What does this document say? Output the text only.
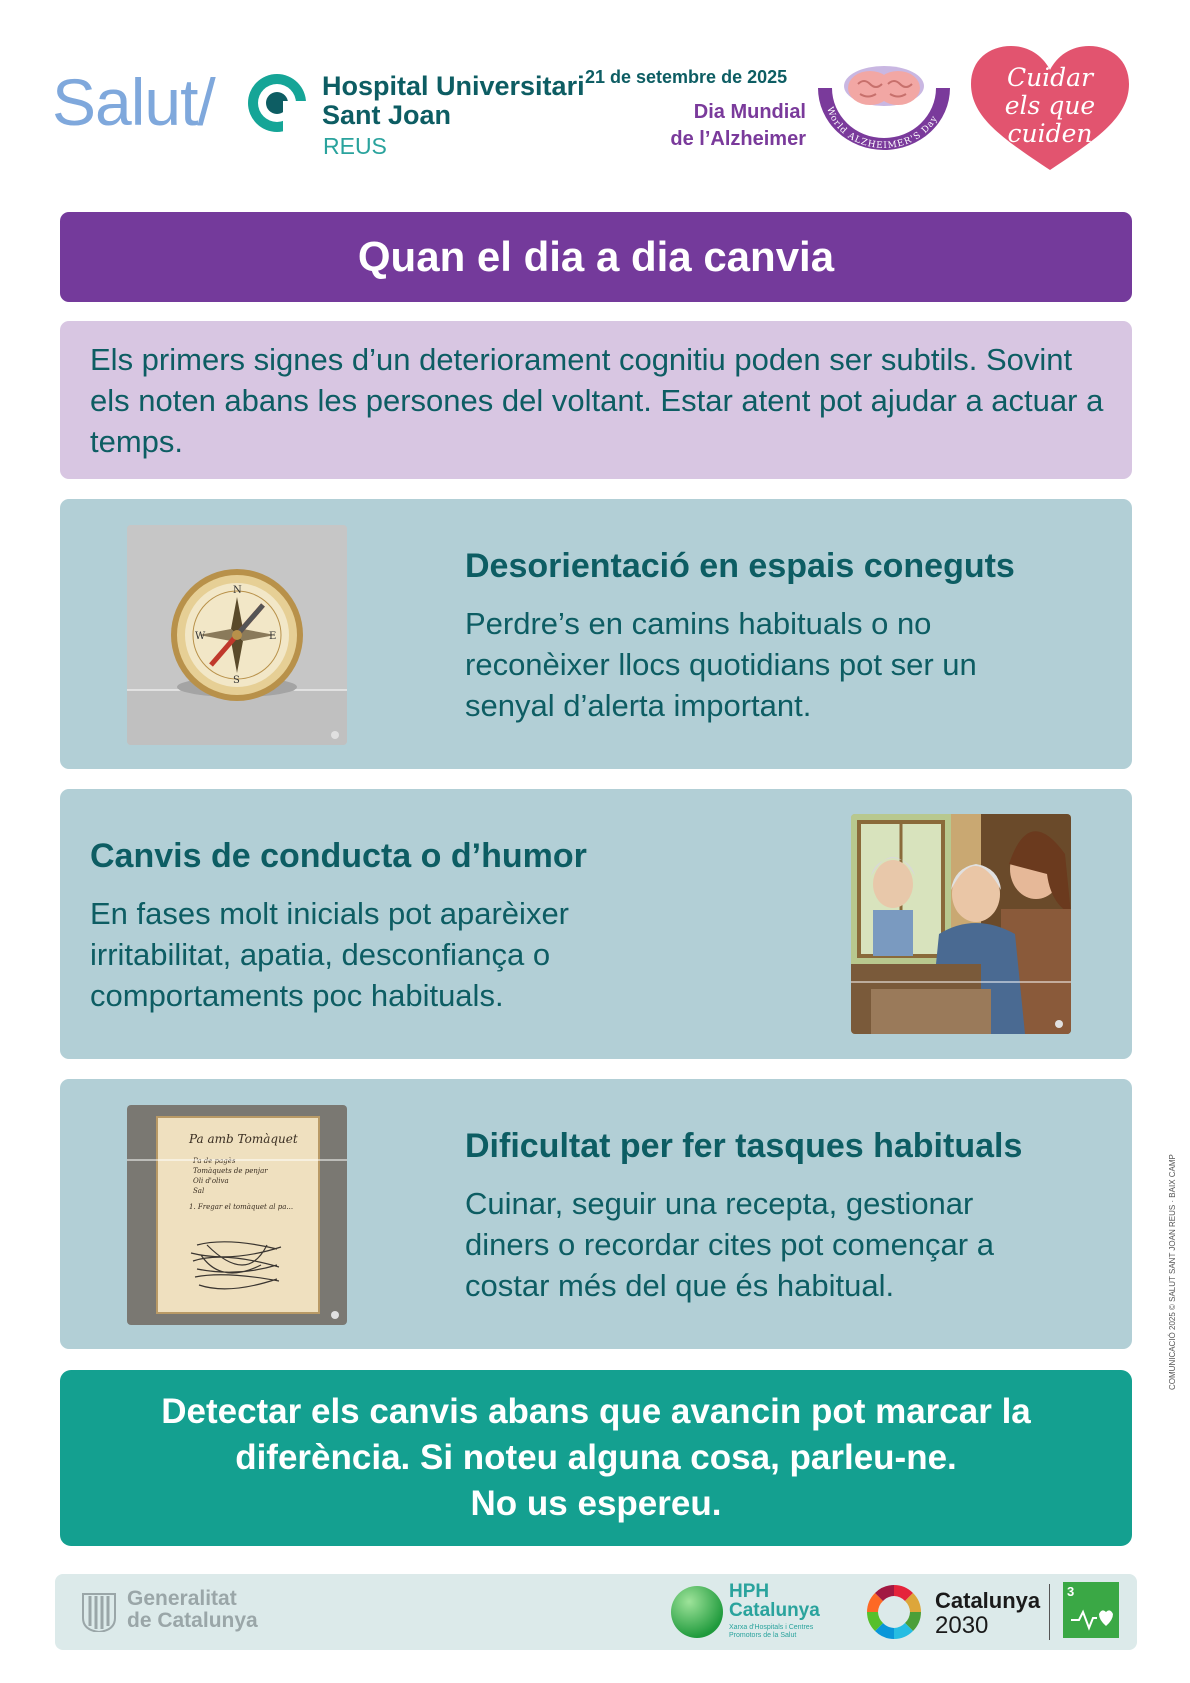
Salut/	Hospital Universitari
Sant Joan
REUS
21 de setembre de 2025
Dia Mundial
de l’Alzheimer
World ALZHEIMER'S Day
Cuidar
els que
cuiden
Quan el dia a dia canvia
Els primers signes d’un deteriorament cognitiu poden ser subtils. Sovint els noten abans les persones del voltant. Estar atent pot ajudar a actuar a temps.
N
S
E
W
Desorientació en espais coneguts
Perdre’s en camins habituals o no reconèixer llocs quotidians pot ser un senyal d’alerta important.
Canvis de conducta o d’humor
En fases molt inicials pot aparèixer irritabilitat, apatia, desconfiança o comportaments poc habituals.
Pa amb Tomàquet
Pa de pagès
Tomàquets de penjar
Oli d'oliva
Sal
1. Fregar el tomàquet al pa...
Dificultat per fer tasques habituals
Cuinar, seguir una recepta, gestionar diners o recordar cites pot començar a costar més del que és habitual.
Detectar els canvis abans que avancin pot marcar la
diferència. Si noteu alguna cosa, parleu-ne.
No us espereu.
Generalitat
de Catalunya
HPH
Catalunya
Xarxa d'Hospitals i Centres Promotors de la Salut
Catalunya
2030
3
COMUNICACIÓ 2025 © SALUT SANT JOAN REUS · BAIX CAMP
